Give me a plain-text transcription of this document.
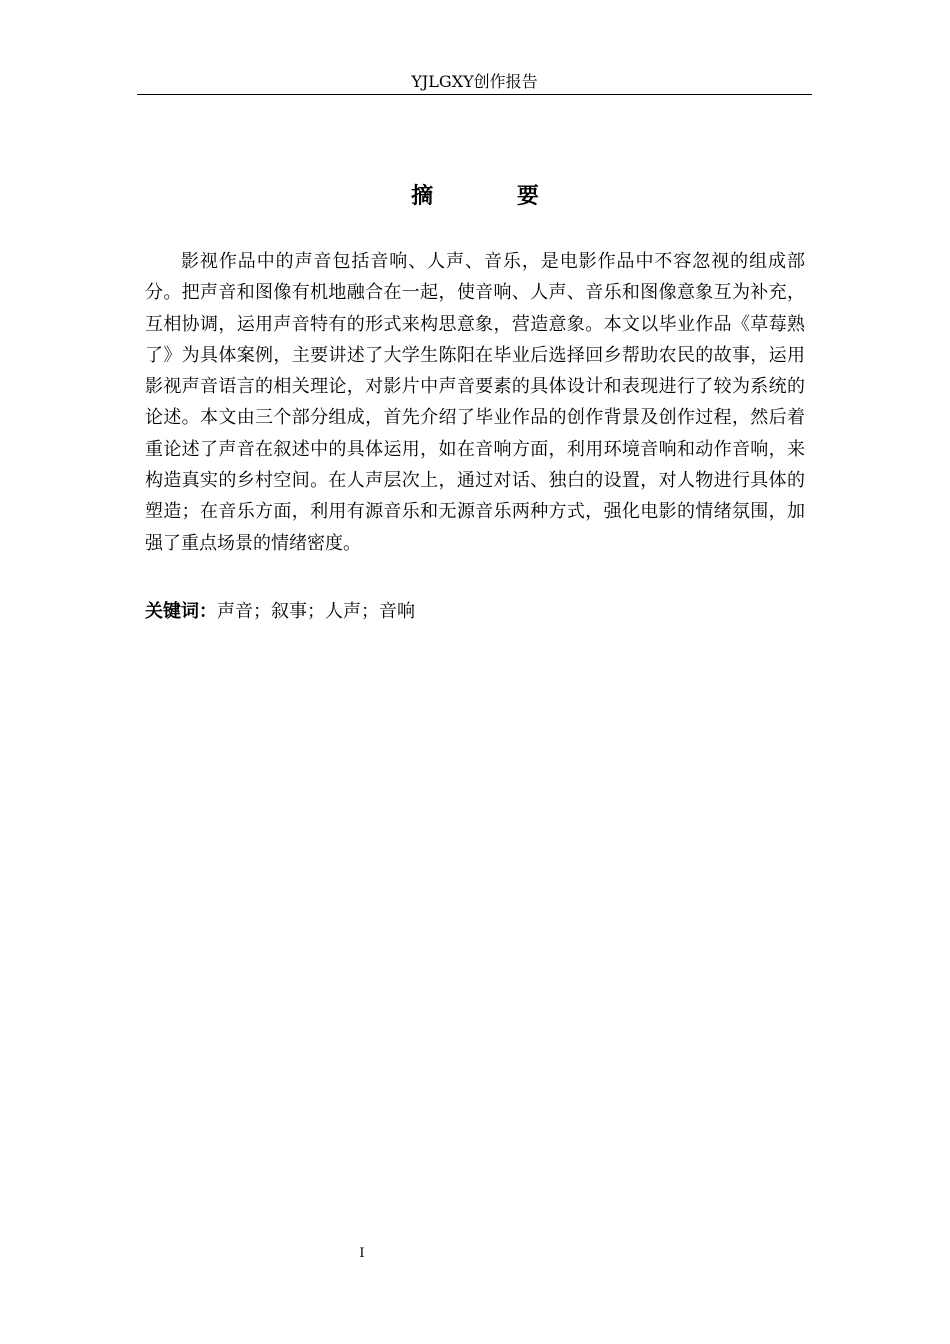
YJLGXY创作报告
摘 要

影视作品中的声音包括音响、人声、音乐，是电影作品中不容忽视的组成部分。把声音和图像有机地融合在一起，使音响、人声、音乐和图像意象互为补充，互相协调，运用声音特有的形式来构思意象，营造意象。本文以毕业作品《草莓熟了》为具体案例，主要讲述了大学生陈阳在毕业后选择回乡帮助农民的故事，运用影视声音语言的相关理论，对影片中声音要素的具体设计和表现进行了较为系统的论述。本文由三个部分组成，首先介绍了毕业作品的创作背景及创作过程，然后着重论述了声音在叙述中的具体运用，如在音响方面，利用环境音响和动作音响，来构造真实的乡村空间。在人声层次上，通过对话、独白的设置，对人物进行具体的塑造；在音乐方面，利用有源音乐和无源音乐两种方式，强化电影的情绪氛围，加强了重点场景的情绪密度。

关键词：声音；叙事；人声；音响
I
